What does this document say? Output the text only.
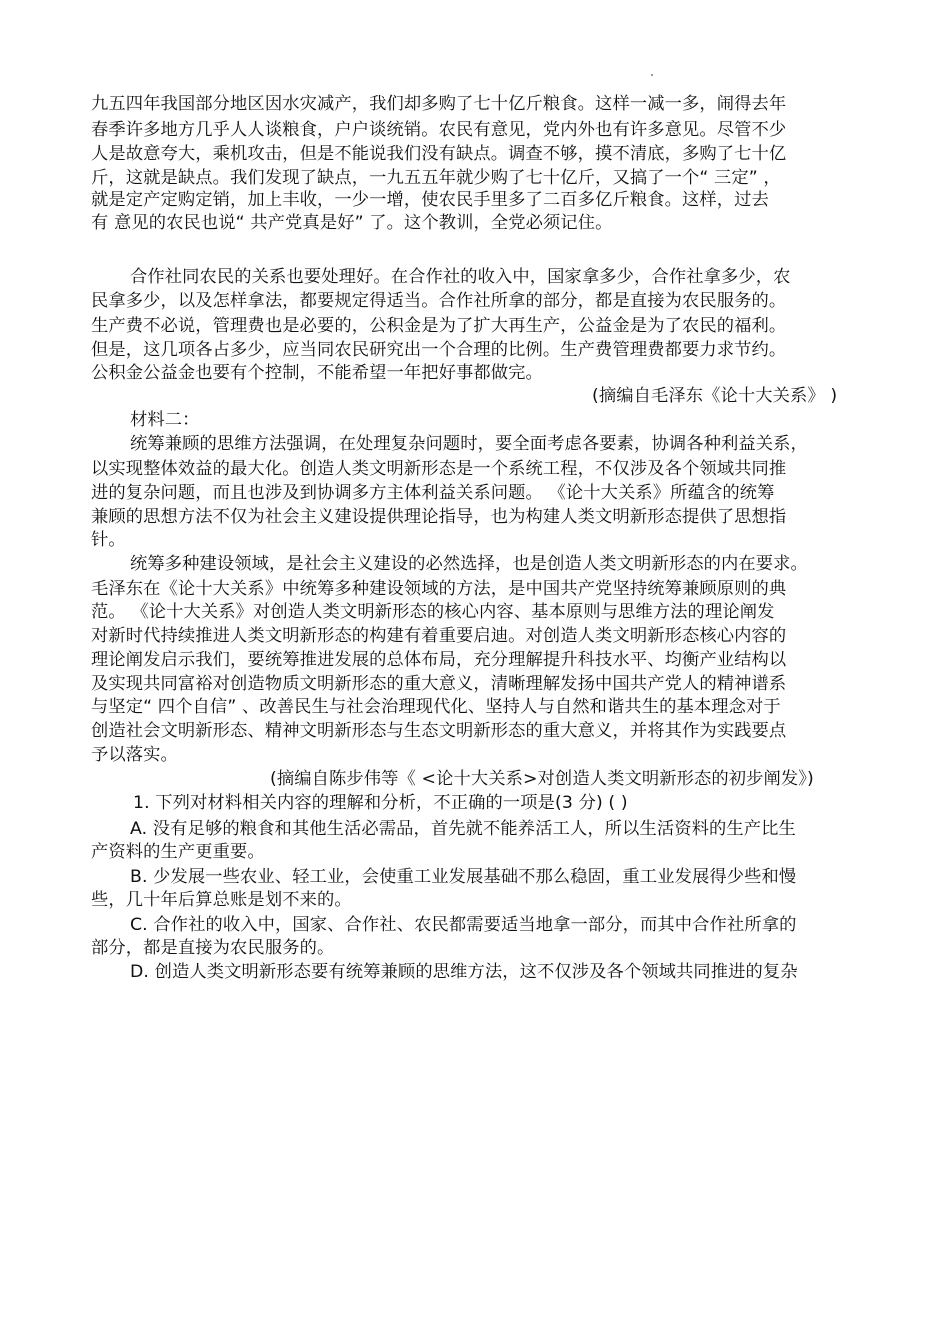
九五四年我国部分地区因水灾减产，我们却多购了七十亿斤粮食。这样一减一多，闹得去年
春季许多地方几乎人人谈粮食，户户谈统销。农民有意见，党内外也有许多意见。尽管不少
人是故意夸大，乘机攻击，但是不能说我们没有缺点。调查不够，摸不清底，多购了七十亿
斤，这就是缺点。我们发现了缺点，一九五五年就少购了七十亿斤，又搞了一个“ 三定” ，
就是定产定购定销，加上丰收，一少一增，使农民手里多了二百多亿斤粮食。这样，过去
有 意见的农民也说“ 共产党真是好” 了。这个教训，全党必须记住。
合作社同农民的关系也要处理好。在合作社的收入中，国家拿多少，合作社拿多少，农
民拿多少，以及怎样拿法，都要规定得适当。合作社所拿的部分，都是直接为农民服务的。
生产费不必说，管理费也是必要的，公积金是为了扩大再生产，公益金是为了农民的福利。
但是，这几项各占多少，应当同农民研究出一个合理的比例。生产费管理费都要力求节约。
公积金公益金也要有个控制，不能希望一年把好事都做完。
(摘编自毛泽东《论十大关系》 )
材料二：
统筹兼顾的思维方法强调，在处理复杂问题时，要全面考虑各要素，协调各种利益关系，
以实现整体效益的最大化。创造人类文明新形态是一个系统工程，不仅涉及各个领域共同推
进的复杂问题，而且也涉及到协调多方主体利益关系问题。 《论十大关系》所蕴含的统筹
兼顾的思想方法不仅为社会主义建设提供理论指导，也为构建人类文明新形态提供了思想指
针。
统筹多种建设领域，是社会主义建设的必然选择，也是创造人类文明新形态的内在要求。
毛泽东在《论十大关系》中统筹多种建设领域的方法，是中国共产党坚持统筹兼顾原则的典
范。 《论十大关系》对创造人类文明新形态的核心内容、基本原则与思维方法的理论阐发
对新时代持续推进人类文明新形态的构建有着重要启迪。对创造人类文明新形态核心内容的
理论阐发启示我们，要统筹推进发展的总体布局，充分理解提升科技水平、均衡产业结构以
及实现共同富裕对创造物质文明新形态的重大意义，清晰理解发扬中国共产党人的精神谱系
与坚定“ 四个自信” 、改善民生与社会治理现代化、坚持人与自然和谐共生的基本理念对于
创造社会文明新形态、精神文明新形态与生态文明新形态的重大意义，并将其作为实践要点
予以落实。
(摘编自陈步伟等《 <论十大关系>对创造人类文明新形态的初步阐发》)
1. 下列对材料相关内容的理解和分析，不正确的一项是(3 分) ( )
A. 没有足够的粮食和其他生活必需品，首先就不能养活工人，所以生活资料的生产比生
产资料的生产更重要。
B. 少发展一些农业、轻工业，会使重工业发展基础不那么稳固，重工业发展得少些和慢
些，几十年后算总账是划不来的。
C. 合作社的收入中，国家、合作社、农民都需要适当地拿一部分，而其中合作社所拿的
部分，都是直接为农民服务的。
D. 创造人类文明新形态要有统筹兼顾的思维方法，这不仅涉及各个领域共同推进的复杂
